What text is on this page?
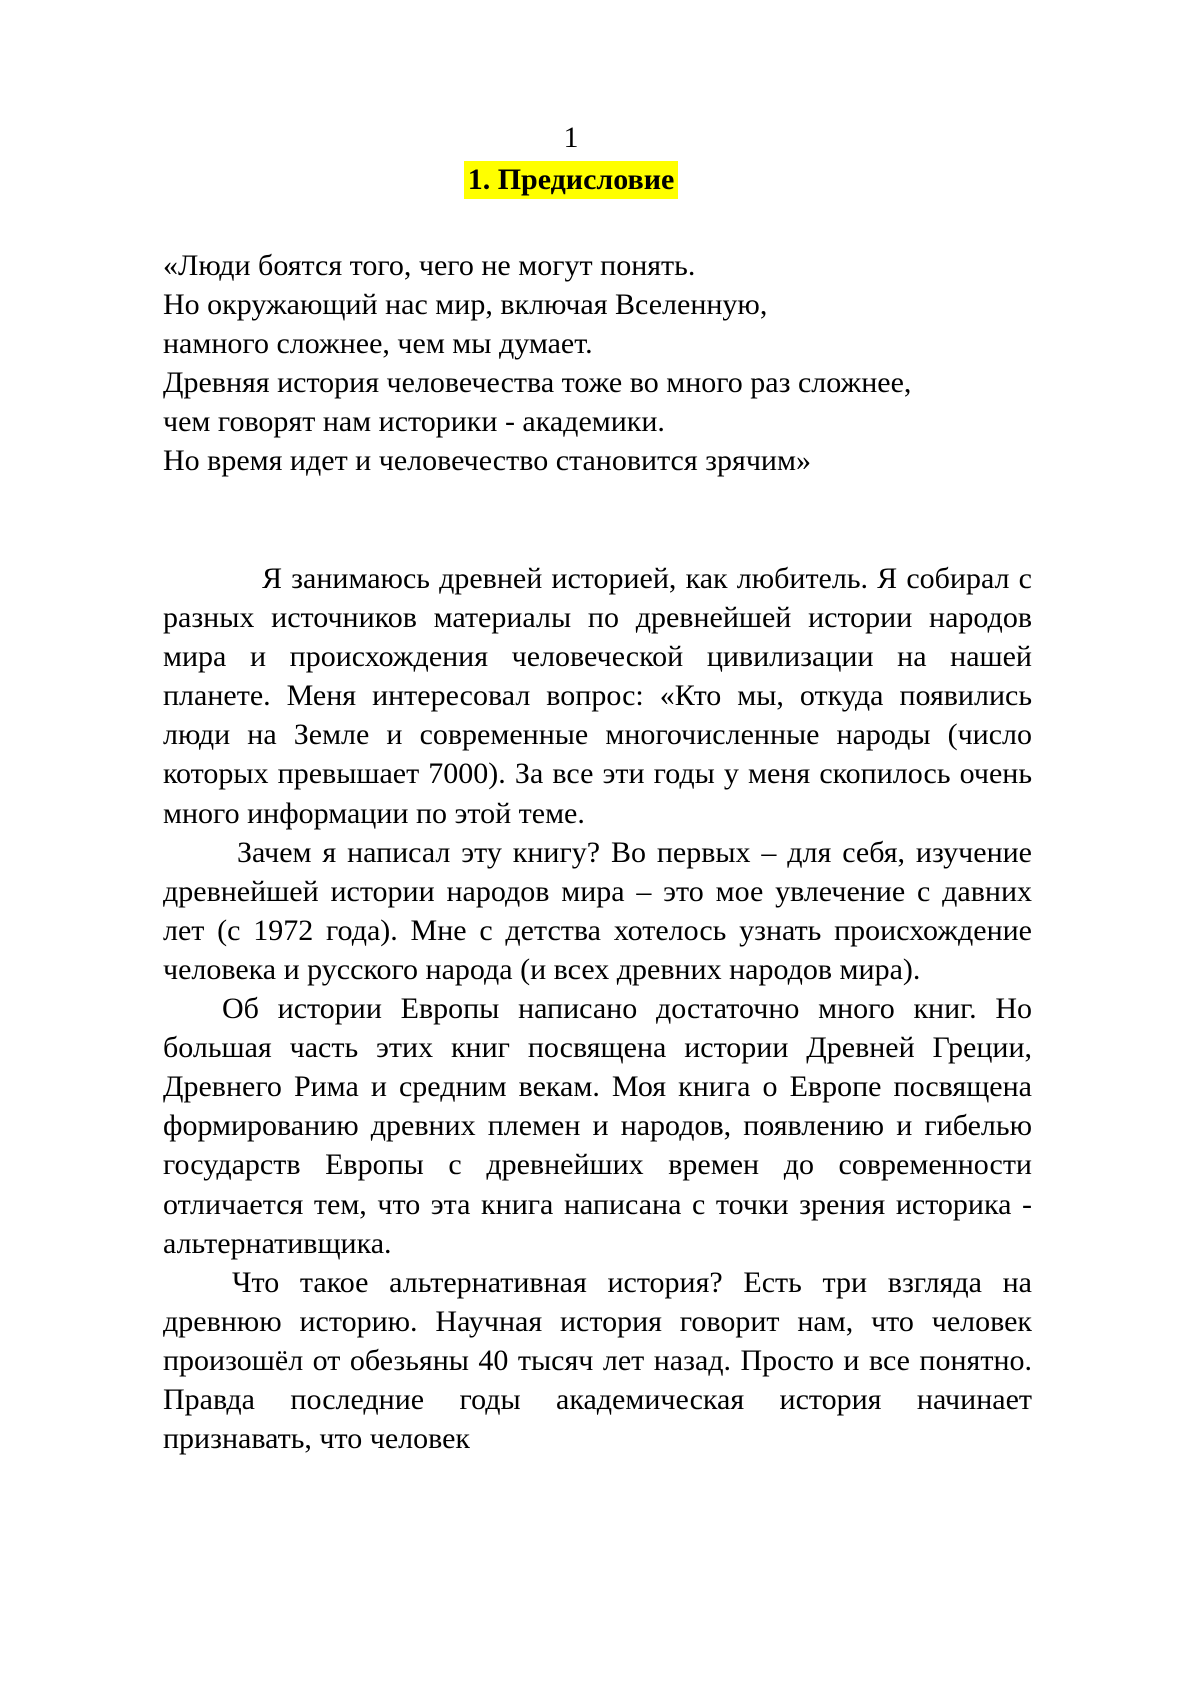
1
1. Предисловие
«Люди боятся того, чего не могут понять.
Но окружающий нас мир, включая Вселенную,
намного сложнее, чем мы думает.
Древняя история человечества тоже во много раз сложнее,
чем говорят нам историки - академики.
Но время идет и человечество становится зрячим»

Я занимаюсь древней историей, как любитель. Я собирал с разных источников материалы по древнейшей истории народов мира и происхождения человеческой цивилизации на нашей планете. Меня интересовал вопрос: «Кто мы, откуда появились люди на Земле и современные многочисленные народы (число которых превышает 7000). За все эти годы у меня скопилось очень много информации по этой теме.

Зачем я написал эту книгу? Во первых – для себя, изучение древнейшей истории народов мира – это мое увлечение с давних лет (с 1972 года). Мне с детства хотелось узнать происхождение человека и русского народа (и всех древних народов мира).

Об истории Европы написано достаточно много книг. Но большая часть этих книг посвящена истории Древней Греции, Древнего Рима и средним векам. Моя книга о Европе посвящена формированию древних племен и народов, появлению и гибелью государств Европы с древнейших времен до современности отличается тем, что эта книга написана с точки зрения историка - альтернативщика.

Что такое альтернативная история? Есть три взгляда на древнюю историю. Научная история говорит нам, что человек произошёл от обезьяны 40 тысяч лет назад. Просто и все понятно. Правда последние годы академическая история начинает признавать, что человек
